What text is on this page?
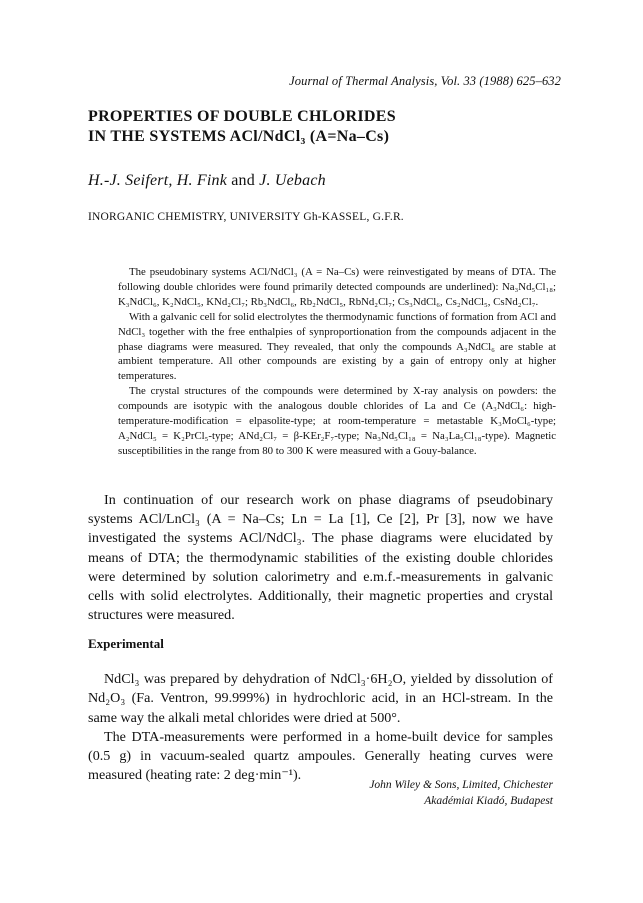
Journal of Thermal Analysis, Vol. 33 (1988) 625–632
PROPERTIES OF DOUBLE CHLORIDES
IN THE SYSTEMS ACl/NdCl₃ (A=Na–Cs)
H.-J. Seifert, H. Fink and J. Uebach
INORGANIC CHEMISTRY, UNIVERSITY Gh-KASSEL, G.F.R.

The pseudobinary systems ACl/NdCl₃ (A = Na–Cs) were reinvestigated by means of DTA. The following double chlorides were found primarily detected compounds are underlined): Na₃Nd₅Cl₁₈; K₃NdCl₆, K₂NdCl₅, KNd₂Cl₇; Rb₃NdCl₆, Rb₂NdCl₅, RbNd₂Cl₇; Cs₃NdCl₆, Cs₂NdCl₅, CsNd₂Cl₇.

With a galvanic cell for solid electrolytes the thermodynamic functions of formation from ACl and NdCl₃ together with the free enthalpies of synproportionation from the compounds adjacent in the phase diagrams were measured. They revealed, that only the compounds A₃NdCl₆ are stable at ambient temperature. All other compounds are existing by a gain of entropy only at higher temperatures.

The crystal structures of the compounds were determined by X-ray analysis on powders: the compounds are isotypic with the analogous double chlorides of La and Ce (A₃NdCl₆: high-temperature-modification = elpasolite-type; at room-temperature = metastable K₃MoCl₆-type; A₂NdCl₅ = K₂PrCl₅-type; ANd₂Cl₇ = β-KEr₂F₇-type; Na₃Nd₅Cl₁₈ = Na₃La₅Cl₁₈-type). Magnetic susceptibilities in the range from 80 to 300 K were measured with a Gouy-balance.

In continuation of our research work on phase diagrams of pseudobinary systems ACl/LnCl₃ (A = Na–Cs; Ln = La [1], Ce [2], Pr [3], now we have investigated the systems ACl/NdCl₃. The phase diagrams were elucidated by means of DTA; the thermodynamic stabilities of the existing double chlorides were determined by solution calorimetry and e.m.f.-measurements in galvanic cells with solid electrolytes. Additionally, their magnetic properties and crystal structures were measured.

Experimental

NdCl₃ was prepared by dehydration of NdCl₃·6H₂O, yielded by dissolution of Nd₂O₃ (Fa. Ventron, 99.999%) in hydrochloric acid, in an HCl-stream. In the same way the alkali metal chlorides were dried at 500°.

The DTA-measurements were performed in a home-built device for samples (0.5 g) in vacuum-sealed quartz ampoules. Generally heating curves were measured (heating rate: 2 deg·min⁻¹).

John Wiley & Sons, Limited, Chichester
Akadémiai Kiadó, Budapest
